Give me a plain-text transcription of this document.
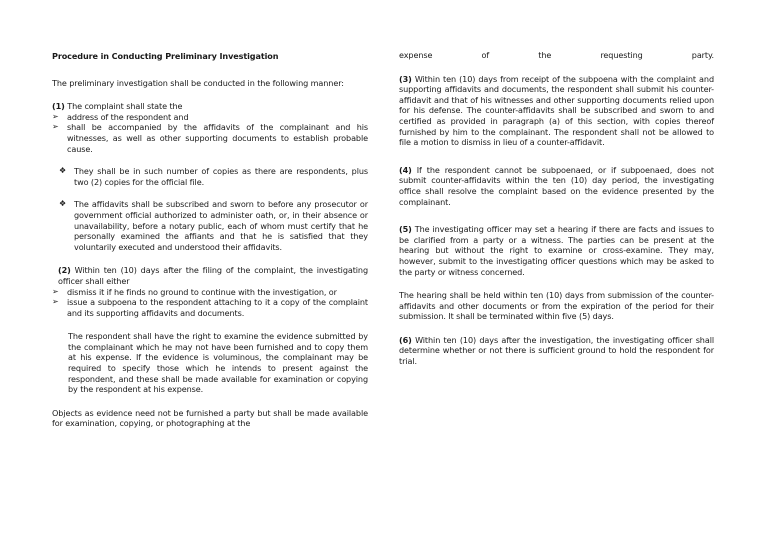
Procedure in Conducting Preliminary Investigation

The preliminary investigation shall be conducted in the following manner:

(1) The complaint shall state the

➢ address of the respondent and
➢ shall be accompanied by the affidavits of the complainant and his witnesses, as well as other supporting documents to establish probable cause.
❖ They shall be in such number of copies as there are respondents, plus two (2) copies for the official file.
❖ The affidavits shall be subscribed and sworn to before any prosecutor or government official authorized to administer oath, or, in their absence or unavailability, before a notary public, each of whom must certify that he personally examined the affiants and that he is satisfied that they voluntarily executed and understood their affidavits.

(2) Within ten (10) days after the filing of the complaint, the investigating officer shall either

➢ dismiss it if he finds no ground to continue with the investigation, or
➢ issue a subpoena to the respondent attaching to it a copy of the complaint and its supporting affidavits and documents.

The respondent shall have the right to examine the evidence submitted by the complainant which he may not have been furnished and to copy them at his expense. If the evidence is voluminous, the complainant may be required to specify those which he intends to present against the respondent, and these shall be made available for examination or copying by the respondent at his expense.

Objects as evidence need not be furnished a party but shall be made available for examination, copying, or photographing at the

expense of the requesting party.

(3) Within ten (10) days from receipt of the subpoena with the complaint and supporting affidavits and documents, the respondent shall submit his counter-affidavit and that of his witnesses and other supporting documents relied upon for his defense. The counter-affidavits shall be subscribed and sworn to and certified as provided in paragraph (a) of this section, with copies thereof furnished by him to the complainant. The respondent shall not be allowed to file a motion to dismiss in lieu of a counter-affidavit.

(4) If the respondent cannot be subpoenaed, or if subpoenaed, does not submit counter-affidavits within the ten (10) day period, the investigating office shall resolve the complaint based on the evidence presented by the complainant.

(5) The investigating officer may set a hearing if there are facts and issues to be clarified from a party or a witness. The parties can be present at the hearing but without the right to examine or cross-examine. They may, however, submit to the investigating officer questions which may be asked to the party or witness concerned.

The hearing shall be held within ten (10) days from submission of the counter-affidavits and other documents or from the expiration of the period for their submission. It shall be terminated within five (5) days.

(6) Within ten (10) days after the investigation, the investigating officer shall determine whether or not there is sufficient ground to hold the respondent for trial.
